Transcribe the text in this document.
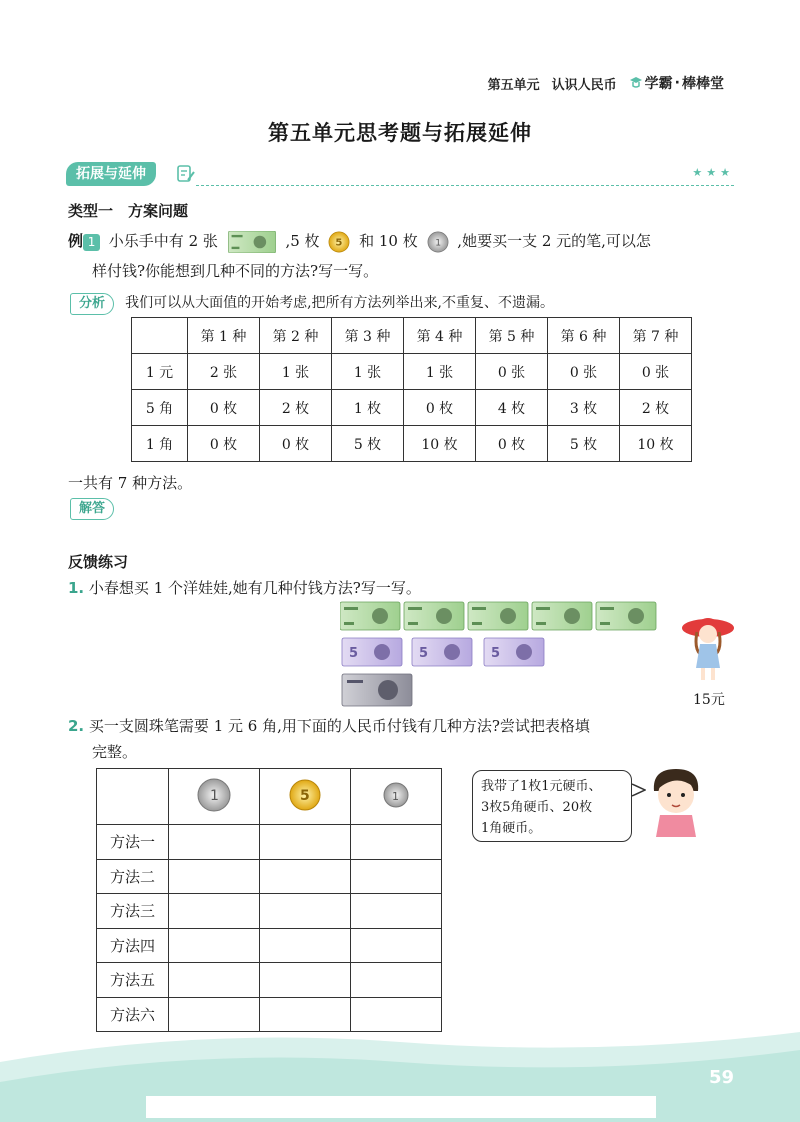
第五单元 认识人民币 学霸 · 棒棒堂
第五单元思考题与拓展延伸
拓展与延伸	★★★
类型一　方案问题
例 1 小乐手中有 2 张	,5 枚 5 和 10 枚 1 ,她要买一支 2 元的笔,可以怎
样付钱?你能想到几种不同的方法?写一写。
分析 我们可以从大面值的开始考虑,把所有方法列举出来,不重复、不遗漏。
	第 1 种	第 2 种	第 3 种	第 4 种	第 5 种	第 6 种	第 7 种
1 元	2 张	1 张	1 张	1 张	0 张	0 张	0 张
5 角	0 枚	2 枚	1 枚	0 枚	4 枚	3 枚	2 枚
1 角	0 枚	0 枚	5 枚	10 枚	0 枚	5 枚	10 枚
一共有 7 种方法。
解答
反馈练习
1. 小春想买 1 个洋娃娃,她有几种付钱方法?写一写。
15元
2. 买一支圆珠笔需要 1 元 6 角,用下面的人民币付钱有几种方法?尝试把表格填
完整。

1	5	1

方法一			
方法二			
方法三			
方法四			
方法五			
方法六			
我带了1枚1元硬币、
3枚5角硬币、20枚
1角硬币。
59
